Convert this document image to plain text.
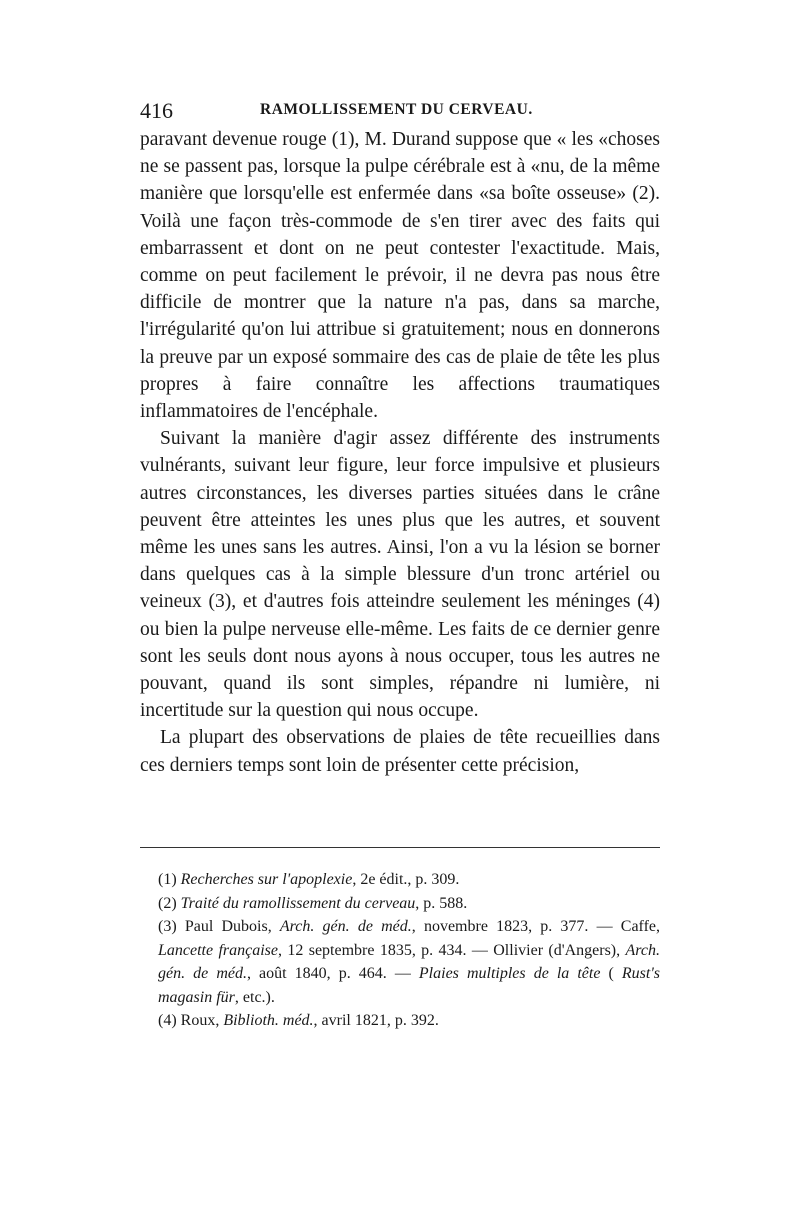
416	RAMOLLISSEMENT DU CERVEAU.

paravant devenue rouge (1), M. Durand suppose que « les «choses ne se passent pas, lorsque la pulpe cérébrale est à «nu, de la même manière que lorsqu'elle est enfermée dans «sa boîte osseuse» (2). Voilà une façon très-commode de s'en tirer avec des faits qui embarrassent et dont on ne peut contester l'exactitude. Mais, comme on peut facilement le prévoir, il ne devra pas nous être difficile de montrer que la nature n'a pas, dans sa marche, l'irrégularité qu'on lui attribue si gratuitement; nous en donnerons la preuve par un exposé sommaire des cas de plaie de tête les plus propres à faire connaître les affections traumatiques inflammatoires de l'encéphale.

Suivant la manière d'agir assez différente des instruments vulnérants, suivant leur figure, leur force impulsive et plusieurs autres circonstances, les diverses parties situées dans le crâne peuvent être atteintes les unes plus que les autres, et souvent même les unes sans les autres. Ainsi, l'on a vu la lésion se borner dans quelques cas à la simple blessure d'un tronc artériel ou veineux (3), et d'autres fois atteindre seulement les méninges (4) ou bien la pulpe nerveuse elle-même. Les faits de ce dernier genre sont les seuls dont nous ayons à nous occuper, tous les autres ne pouvant, quand ils sont simples, répandre ni lumière, ni incertitude sur la question qui nous occupe.

La plupart des observations de plaies de tête recueillies dans ces derniers temps sont loin de présenter cette précision,

(1) Recherches sur l'apoplexie, 2e édit., p. 309.

(2) Traité du ramollissement du cerveau, p. 588.

(3) Paul Dubois, Arch. gén. de méd., novembre 1823, p. 377. — Caffe, Lancette française, 12 septembre 1835, p. 434. — Ollivier (d'Angers), Arch. gén. de méd., août 1840, p. 464. — Plaies multiples de la tête ( Rust's magasin für, etc.).

(4) Roux, Biblioth. méd., avril 1821, p. 392.
